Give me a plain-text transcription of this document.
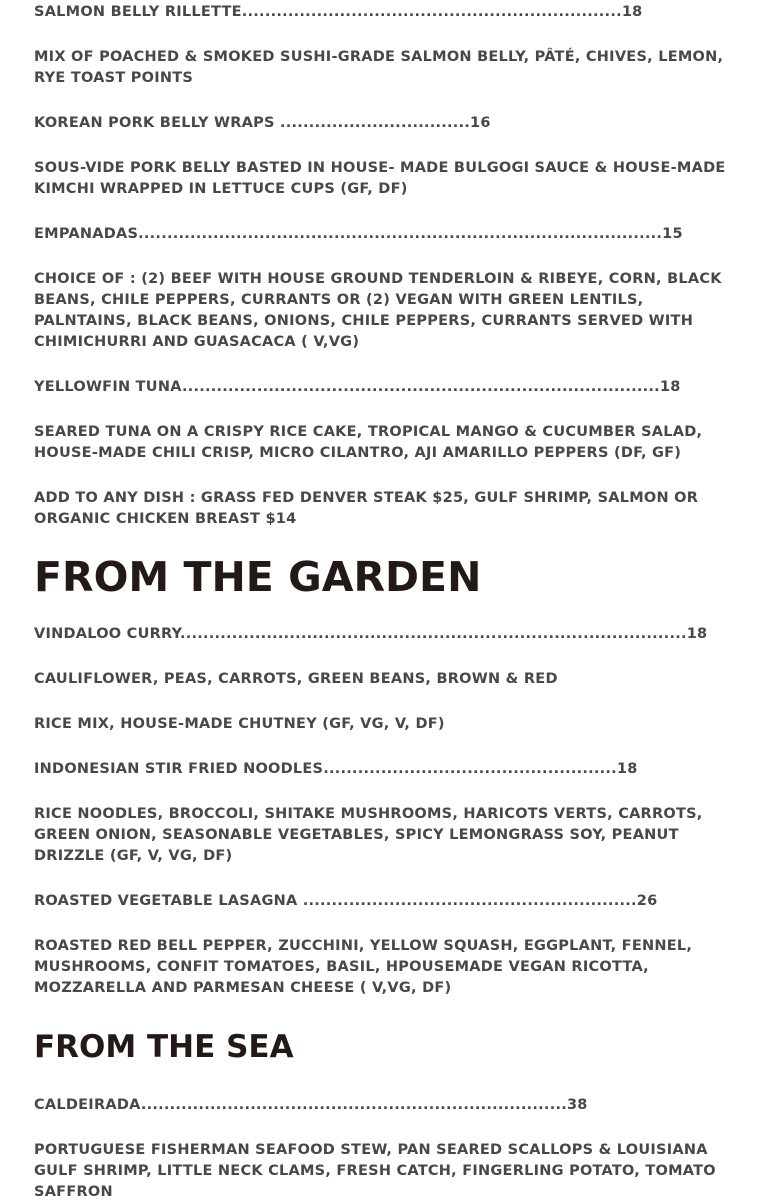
SALMON BELLY RILLETTE..................................................................18

MIX OF POACHED & SMOKED SUSHI-GRADE SALMON BELLY, PÂTÉ, CHIVES, LEMON, RYE TOAST POINTS

KOREAN PORK BELLY WRAPS .................................16

SOUS-VIDE PORK BELLY BASTED IN HOUSE- MADE BULGOGI SAUCE & HOUSE-MADE KIMCHI WRAPPED IN LETTUCE CUPS (GF, DF)

EMPANADAS...........................................................................................15

CHOICE OF : (2) BEEF WITH HOUSE GROUND TENDERLOIN & RIBEYE, CORN, BLACK BEANS, CHILE PEPPERS, CURRANTS OR (2) VEGAN WITH GREEN LENTILS, PALNTAINS, BLACK BEANS, ONIONS, CHILE PEPPERS, CURRANTS SERVED WITH CHIMICHURRI AND GUASACACA ( V,VG)

YELLOWFIN TUNA...................................................................................18

SEARED TUNA ON A CRISPY RICE CAKE, TROPICAL MANGO & CUCUMBER SALAD, HOUSE-MADE CHILI CRISP, MICRO CILANTRO, AJI AMARILLO PEPPERS (DF, GF)

ADD TO ANY DISH : GRASS FED DENVER STEAK $25, GULF SHRIMP, SALMON OR ORGANIC CHICKEN BREAST $14

FROM THE GARDEN

VINDALOO CURRY........................................................................................18

CAULIFLOWER, PEAS, CARROTS, GREEN BEANS, BROWN & RED

RICE MIX, HOUSE-MADE CHUTNEY (GF, VG, V, DF)

INDONESIAN STIR FRIED NOODLES...................................................18

RICE NOODLES, BROCCOLI, SHITAKE MUSHROOMS, HARICOTS VERTS, CARROTS, GREEN ONION, SEASONABLE VEGETABLES, SPICY LEMONGRASS SOY, PEANUT DRIZZLE (GF, V, VG, DF)

ROASTED VEGETABLE LASAGNA ..........................................................26

ROASTED RED BELL PEPPER, ZUCCHINI, YELLOW SQUASH, EGGPLANT, FENNEL, MUSHROOMS, CONFIT TOMATOES, BASIL, HPOUSEMADE VEGAN RICOTTA, MOZZARELLA AND PARMESAN CHEESE ( V,VG, DF)

FROM THE SEA

CALDEIRADA..........................................................................38

PORTUGUESE FISHERMAN SEAFOOD STEW, PAN SEARED SCALLOPS & LOUISIANA GULF SHRIMP, LITTLE NECK CLAMS, FRESH CATCH, FINGERLING POTATO, TOMATO SAFFRON
